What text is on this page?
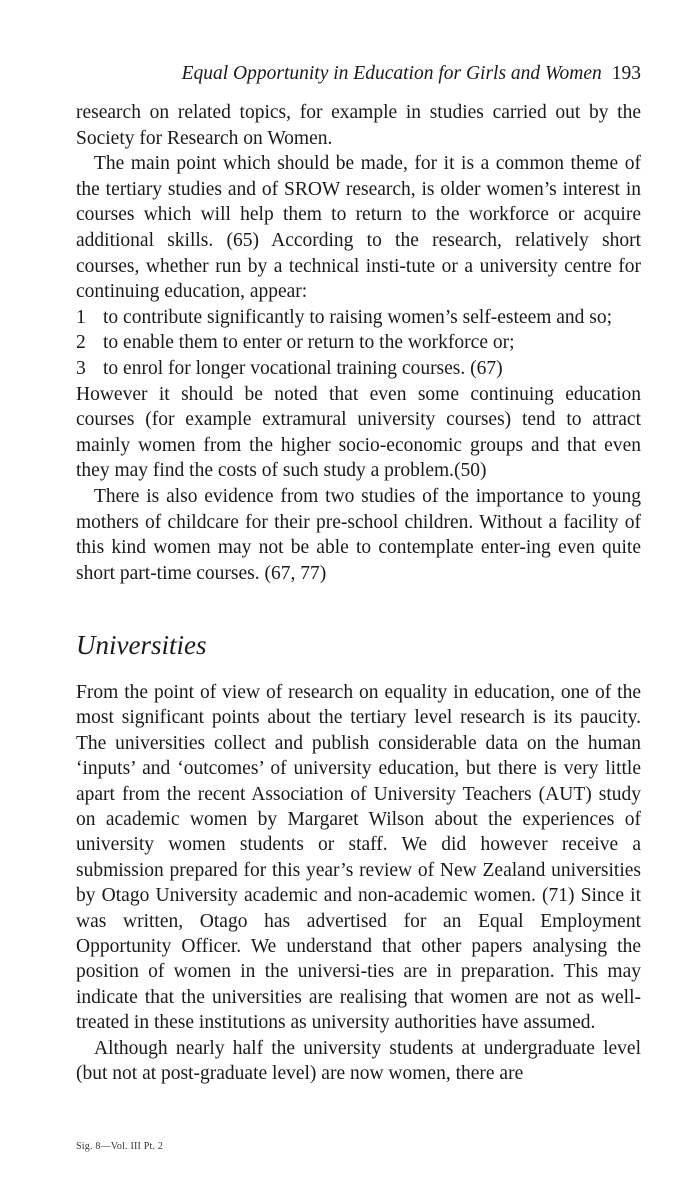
Equal Opportunity in Education for Girls and Women 193

research on related topics, for example in studies carried out by the Society for Research on Women.

The main point which should be made, for it is a common theme of the tertiary studies and of SROW research, is older women’s interest in courses which will help them to return to the workforce or acquire additional skills. (65) According to the research, relatively short courses, whether run by a technical insti-tute or a university centre for continuing education, appear:

1 to contribute significantly to raising women’s self-esteem and so;
2 to enable them to enter or return to the workforce or;
3 to enrol for longer vocational training courses. (67)

However it should be noted that even some continuing education courses (for example extramural university courses) tend to attract mainly women from the higher socio-economic groups and that even they may find the costs of such study a problem.(50)

There is also evidence from two studies of the importance to young mothers of childcare for their pre-school children. Without a facility of this kind women may not be able to contemplate enter-ing even quite short part-time courses. (67, 77)

Universities

From the point of view of research on equality in education, one of the most significant points about the tertiary level research is its paucity. The universities collect and publish considerable data on the human ‘inputs’ and ‘outcomes’ of university education, but there is very little apart from the recent Association of University Teachers (AUT) study on academic women by Margaret Wilson about the experiences of university women students or staff. We did however receive a submission prepared for this year’s review of New Zealand universities by Otago University academic and non-academic women. (71) Since it was written, Otago has advertised for an Equal Employment Opportunity Officer. We understand that other papers analysing the position of women in the universi-ties are in preparation. This may indicate that the universities are realising that women are not as well-treated in these institutions as university authorities have assumed.

Although nearly half the university students at undergraduate level (but not at post-graduate level) are now women, there are

Sig. 8—Vol. III Pt. 2
